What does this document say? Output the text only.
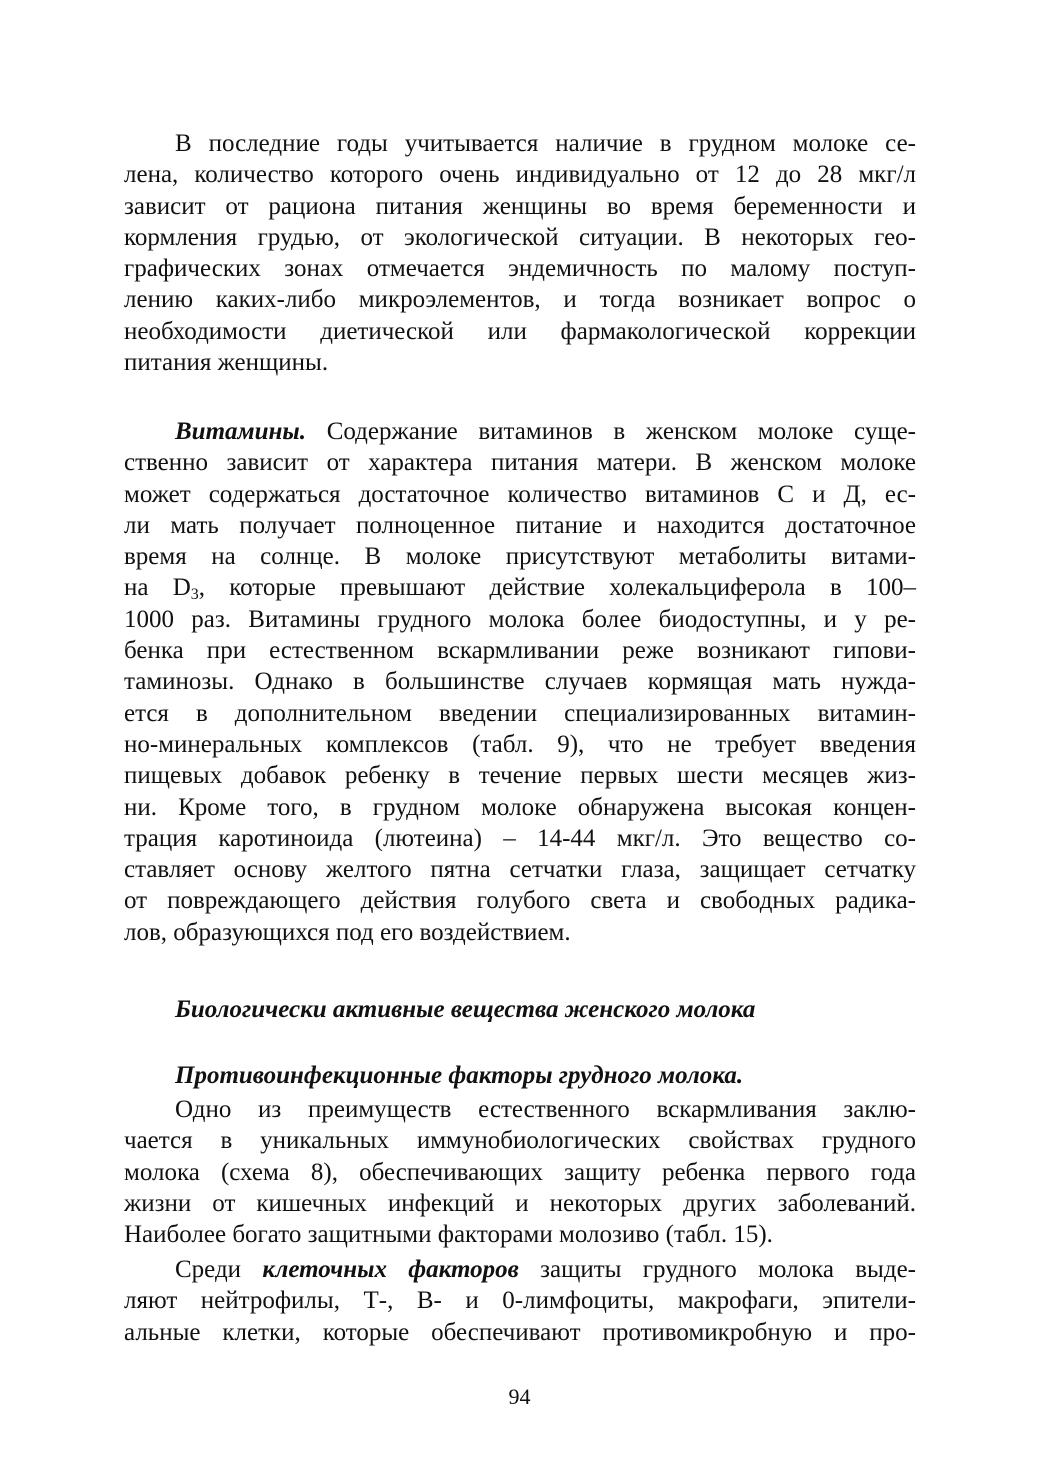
В последние годы учитывается наличие в грудном молоке се-
лена, количество которого очень индивидуально от 12 до 28 мкг/л
зависит от рациона питания женщины во время беременности и
кормления грудью, от экологической ситуации. В некоторых гео-
графических зонах отмечается эндемичность по малому поступ-
лению каких-либо микроэлементов, и тогда возникает вопрос о
необходимости диетической или фармакологической коррекции
питания женщины.
Витамины. Содержание витаминов в женском молоке суще-
ственно зависит от характера питания матери. В женском молоке
может содержаться достаточное количество витаминов С и Д, ес-
ли мать получает полноценное питание и находится достаточное
время на солнце. В молоке присутствуют метаболиты витами-
на $D_3$, которые превышают действие холекальциферола в 100–
1000 раз. Витамины грудного молока более биодоступны, и у ре-
бенка при естественном вскармливании реже возникают гипови-
таминозы. Однако в большинстве случаев кормящая мать нужда-
ется в дополнительном введении специализированных витамин-
но-минеральных комплексов (табл. 9), что не требует введения
пищевых добавок ребенку в течение первых шести месяцев жиз-
ни. Кроме того, в грудном молоке обнаружена высокая концен-
трация каротиноида (лютеина) – 14-44 мкг/л. Это вещество со-
ставляет основу желтого пятна сетчатки глаза, защищает сетчатку
от повреждающего действия голубого света и свободных радика-
лов, образующихся под его воздействием.
Биологически активные вещества женского молока
Противоинфекционные факторы грудного молока.
Одно из преимуществ естественного вскармливания заклю-
чается в уникальных иммунобиологических свойствах грудного
молока (схема 8), обеспечивающих защиту ребенка первого года
жизни от кишечных инфекций и некоторых других заболеваний.
Наиболее богато защитными факторами молозиво (табл. 15).
Среди клеточных факторов защиты грудного молока выде-
ляют нейтрофилы, Т-, В- и 0-лимфоциты, макрофаги, эпители-
альные клетки, которые обеспечивают противомикробную и про-
94
